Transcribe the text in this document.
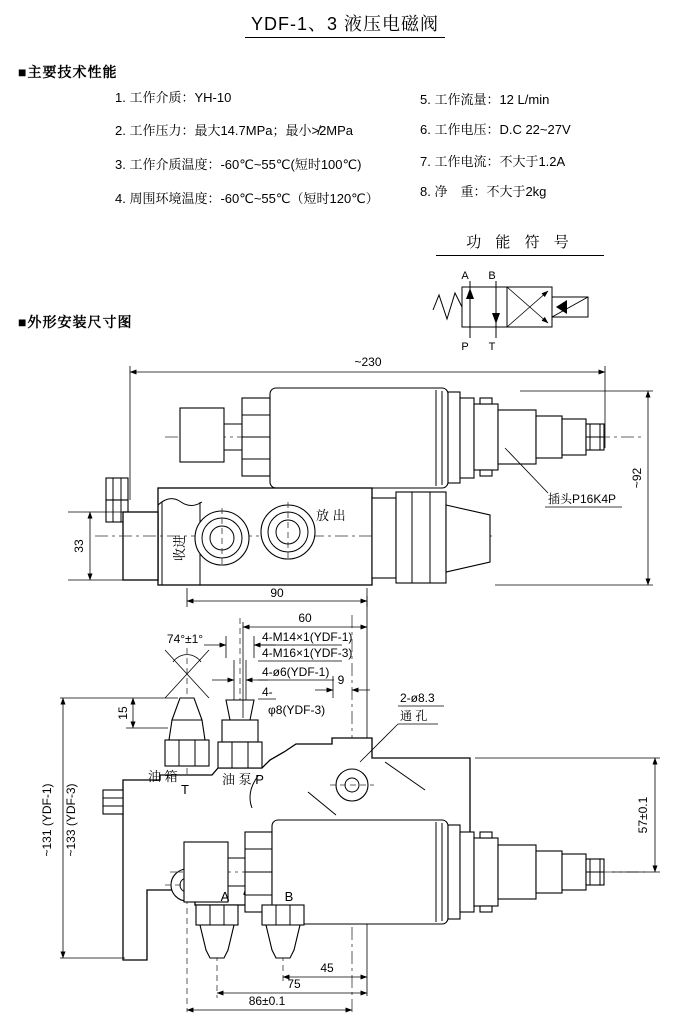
YDF-1、3 液压电磁阀
■主要技术性能
1. 工作介质：YH-10
2. 工作压力：最大14.7MPa；最小≯2MPa
3. 工作介质温度：-60℃~55℃(短时100℃)
4. 周围环境温度：-60℃~55℃（短时120℃）
5. 工作流量：12 L/min
6. 工作电压：D.C 22~27V
7. 工作电流：不大于1.2A
8. 净　重：不大于2kg
功 能 符 号
■外形安装尺寸图
A B
P T
~230
插头P16K4P
收进
放 出
~92
33
90
74°±1°
油 箱
T
油 泵 P
60
4-M14×1(YDF-1)
4-M16×1(YDF-3)
4-ø6(YDF-1)
4-
φ8(YDF-3)
9
2-ø8.3
通 孔
15
~131 (YDF-1) ~133 (YDF-3)	57±0.1
A	B
45
75
86±0.1
